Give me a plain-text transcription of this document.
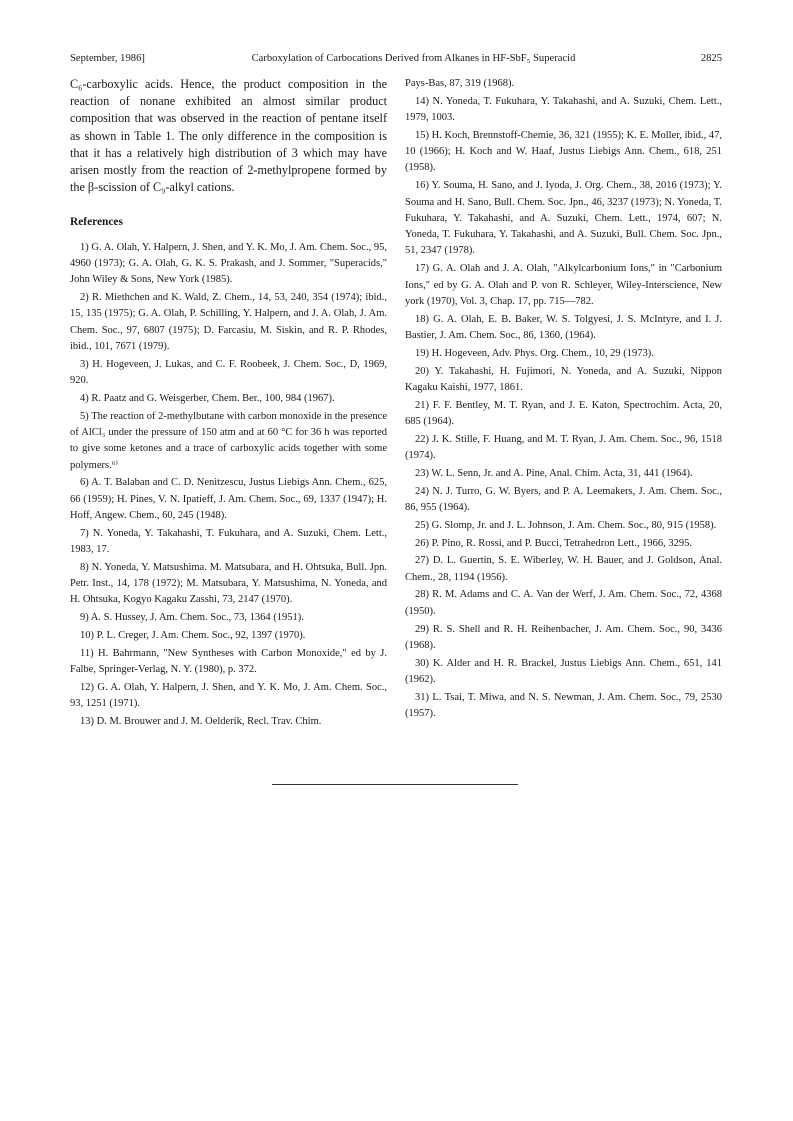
September, 1986]	Carboxylation of Carbocations Derived from Alkanes in HF-SbF₅ Superacid	2825

C₆-carboxylic acids. Hence, the product composition in the reaction of nonane exhibited an almost similar product composition that was observed in the reaction of pentane itself as shown in Table 1. The only difference in the composition is that it has a relatively high distribution of 3 which may have arisen mostly from the reaction of 2-methylpropene formed by the β-scission of C₉-alkyl cations.

References

1) G. A. Olah, Y. Halpern, J. Shen, and Y. K. Mo, J. Am. Chem. Soc., 95, 4960 (1973); G. A. Olah, G. K. S. Prakash, and J. Sommer, "Superacids," John Wiley & Sons, New York (1985).

2) R. Miethchen and K. Wald, Z. Chem., 14, 53, 240, 354 (1974); ibid., 15, 135 (1975); G. A. Olah, P. Schilling, Y. Halpern, and J. A. Olah, J. Am. Chem. Soc., 97, 6807 (1975); D. Farcasiu, M. Siskin, and R. P. Rhodes, ibid., 101, 7671 (1979).

3) H. Hogeveen, J. Lukas, and C. F. Roobeek, J. Chem. Soc., D, 1969, 920.

4) R. Paatz and G. Weisgerber, Chem. Ber., 100, 984 (1967).

5) The reaction of 2-methylbutane with carbon monoxide in the presence of AlCl₃ under the pressure of 150 atm and at 60 °C for 36 h was reported to give some ketones and a trace of carboxylic acids together with some polymers.⁶⁾

6) A. T. Balaban and C. D. Nenitzescu, Justus Liebigs Ann. Chem., 625, 66 (1959); H. Pines, V. N. Ipatieff, J. Am. Chem. Soc., 69, 1337 (1947); H. Hoff, Angew. Chem., 60, 245 (1948).

7) N. Yoneda, Y. Takahashi, T. Fukuhara, and A. Suzuki, Chem. Lett., 1983, 17.

8) N. Yoneda, Y. Matsushima. M. Matsubara, and H. Ohtsuka, Bull. Jpn. Petr. Inst., 14, 178 (1972); M. Matsubara, Y. Matsushima, N. Yoneda, and H. Ohtsuka, Kogyo Kagaku Zasshi, 73, 2147 (1970).

9) A. S. Hussey, J. Am. Chem. Soc., 73, 1364 (1951).

10) P. L. Creger, J. Am. Chem. Soc., 92, 1397 (1970).

11) H. Bahrmann, "New Syntheses with Carbon Monoxide," ed by J. Falbe, Springer-Verlag, N. Y. (1980), p. 372.

12) G. A. Olah, Y. Halpern, J. Shen, and Y. K. Mo, J. Am. Chem. Soc., 93, 1251 (1971).

13) D. M. Brouwer and J. M. Oelderik, Recl. Trav. Chim.

Pays-Bas, 87, 319 (1968).

14) N. Yoneda, T. Fukuhara, Y. Takahashi, and A. Suzuki, Chem. Lett., 1979, 1003.

15) H. Koch, Brennstoff-Chemie, 36, 321 (1955); K. E. Moller, ibid., 47, 10 (1966); H. Koch and W. Haaf, Justus Liebigs Ann. Chem., 618, 251 (1958).

16) Y. Souma, H. Sano, and J. Iyoda, J. Org. Chem., 38, 2016 (1973); Y. Souma and H. Sano, Bull. Chem. Soc. Jpn., 46, 3237 (1973); N. Yoneda, T. Fukuhara, Y. Takahashi, and A. Suzuki, Chem. Lett., 1974, 607; N. Yoneda, T. Fukuhara, Y. Takahashi, and A. Suzuki, Bull. Chem. Soc. Jpn., 51, 2347 (1978).

17) G. A. Olah and J. A. Olah, "Alkylcarbonium Ions," in "Carbonium Ions," ed by G. A. Olah and P. von R. Schleyer, Wiley-Interscience, New york (1970), Vol. 3, Chap. 17, pp. 715—782.

18) G. A. Olah, E. B. Baker, W. S. Tolgyesi, J. S. McIntyre, and I. J. Bastier, J. Am. Chem. Soc., 86, 1360, (1964).

19) H. Hogeveen, Adv. Phys. Org. Chem., 10, 29 (1973).

20) Y. Takahashi, H. Fujimori, N. Yoneda, and A. Suzuki, Nippon Kagaku Kaishi, 1977, 1861.

21) F. F. Bentley, M. T. Ryan, and J. E. Katon, Spectrochim. Acta, 20, 685 (1964).

22) J. K. Stille, F. Huang, and M. T. Ryan, J. Am. Chem. Soc., 96, 1518 (1974).

23) W. L. Senn, Jr. and A. Pine, Anal. Chim. Acta, 31, 441 (1964).

24) N. J. Turro, G. W. Byers, and P. A. Leemakers, J. Am. Chem. Soc., 86, 955 (1964).

25) G. Slomp, Jr. and J. L. Johnson, J. Am. Chem. Soc., 80, 915 (1958).

26) P. Pino, R. Rossi, and P. Bucci, Tetrahedron Lett., 1966, 3295.

27) D. L. Guertin, S. E. Wiberley, W. H. Bauer, and J. Goldson, Anal. Chem., 28, 1194 (1956).

28) R. M. Adams and C. A. Van der Werf, J. Am. Chem. Soc., 72, 4368 (1950).

29) R. S. Shell and R. H. Reihenbacher, J. Am. Chem. Soc., 90, 3436 (1968).

30) K. Alder and H. R. Brackel, Justus Liebigs Ann. Chem., 651, 141 (1962).

31) L. Tsai, T. Miwa, and N. S. Newman, J. Am. Chem. Soc., 79, 2530 (1957).
